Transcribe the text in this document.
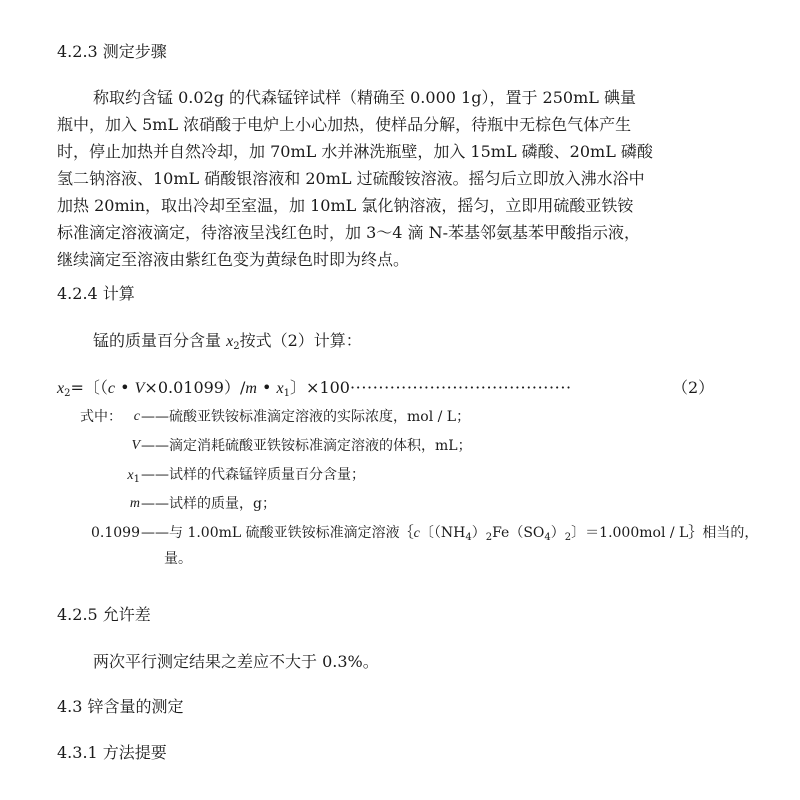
4.2.3 测定步骤
称取约含锰 0.02g 的代森锰锌试样（精确至 0.000 1g），置于 250mL 碘量
瓶中，加入 5mL 浓硝酸于电炉上小心加热，使样品分解，待瓶中无棕色气体产生
时，停止加热并自然冷却，加 70mL 水并淋洗瓶壁，加入 15mL 磷酸、20mL 磷酸
氢二钠溶液、10mL 硝酸银溶液和 20mL 过硫酸铵溶液。摇匀后立即放入沸水浴中
加热 20min，取出冷却至室温，加 10mL 氯化钠溶液，摇匀，立即用硫酸亚铁铵
标准滴定溶液滴定，待溶液呈浅红色时，加 3～4 滴 N-苯基邻氨基苯甲酸指示液，
继续滴定至溶液由紫红色变为黄绿色时即为终点。
4.2.4 计算
锰的质量百分含量 $x_2$按式（2）计算：
$x_2=$〔（c • V×0.01099）/m • $x_1$〕×100·······································	（2）
式中： c ——硫酸亚铁铵标准滴定溶液的实际浓度，mol / L；
V ——滴定消耗硫酸亚铁铵标准滴定溶液的体积，mL；
$x_1$ ——试样的代森锰锌质量百分含量；
m ——试样的质量，g；
0.1099 ——与 1.00mL 硫酸亚铁铵标准滴定溶液｛c〔$(NH_4)_2Fe(SO_4)_2$〕＝1.000mol / L｝相当的，
量。
4.2.5 允许差
两次平行测定结果之差应不大于 0.3%。
4.3 锌含量的测定
4.3.1 方法提要
